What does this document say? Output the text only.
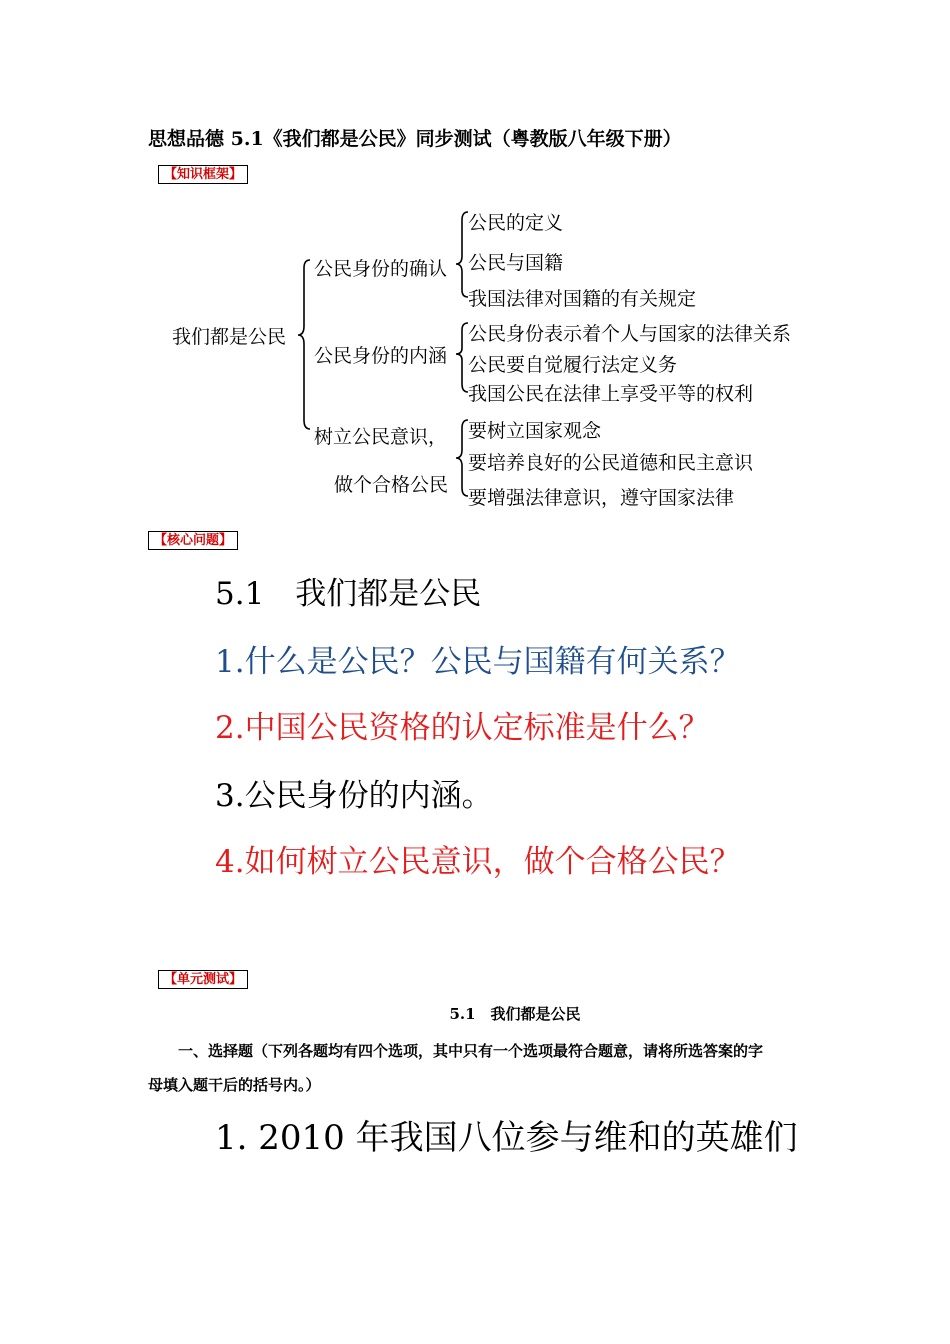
思想品德 5.1《我们都是公民》同步测试（粤教版八年级下册）
【知识框架】
我们都是公民
公民身份的确认
公民身份的内涵
树立公民意识，
做个合格公民
公民的定义
公民与国籍
我国法律对国籍的有关规定
公民身份表示着个人与国家的法律关系
公民要自觉履行法定义务
我国公民在法律上享受平等的权利
要树立国家观念
要培养良好的公民道德和民主意识
要增强法律意识，遵守国家法律
【核心问题】
5.1　我们都是公民
1.什么是公民？公民与国籍有何关系？
2.中国公民资格的认定标准是什么？
3.公民身份的内涵。
4.如何树立公民意识，做个合格公民？
【单元测试】
5.1　我们都是公民
一、选择题（下列各题均有四个选项，其中只有一个选项最符合题意，请将所选答案的字
母填入题干后的括号内。）
1. 2010 年我国八位参与维和的英雄们
